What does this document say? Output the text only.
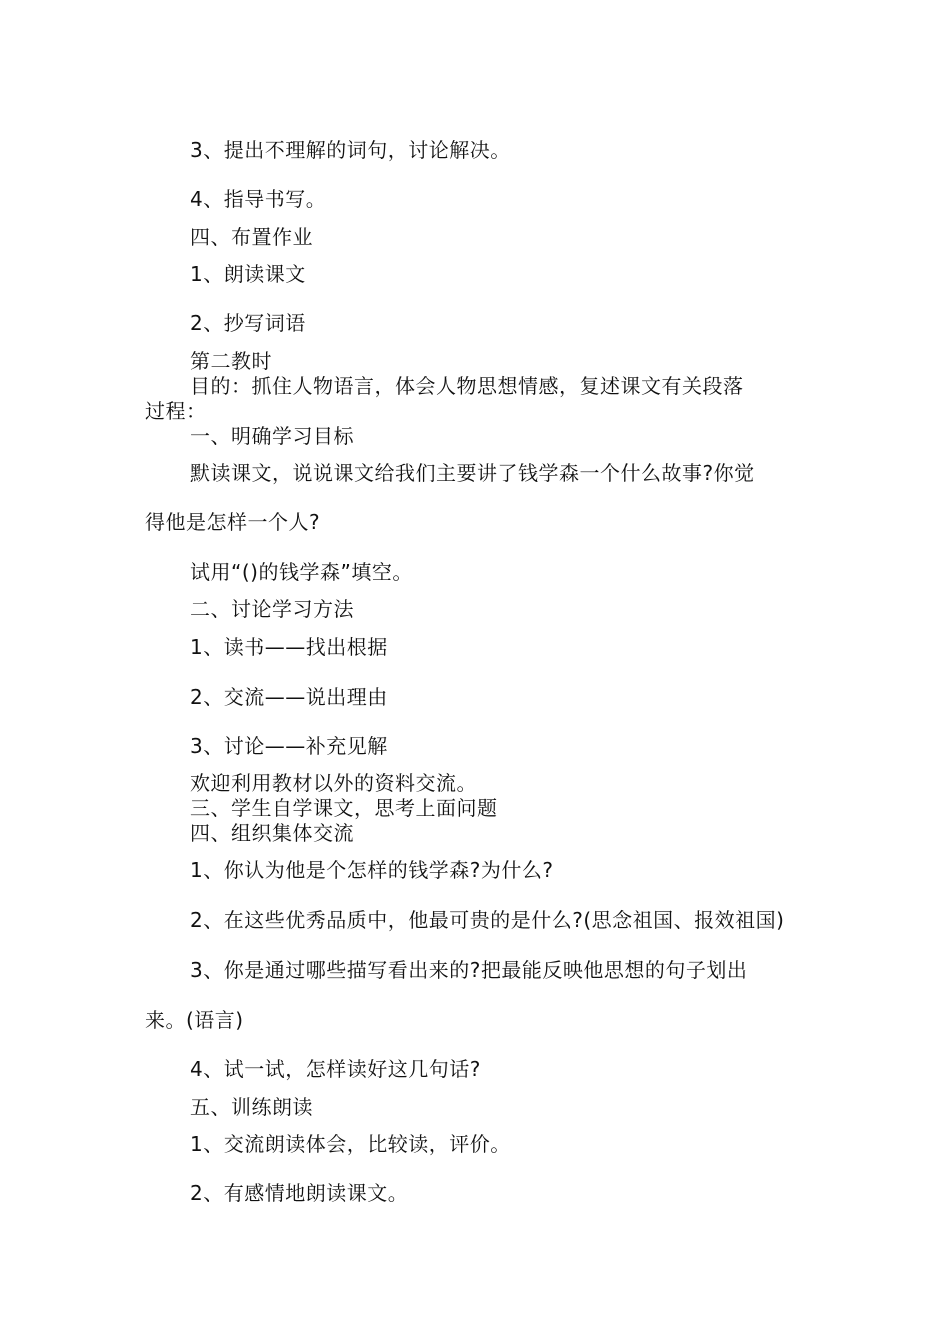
3、提出不理解的词句，讨论解决。
4、指导书写。
四、布置作业
1、朗读课文
2、抄写词语
第二教时
目的：抓住人物语言，体会人物思想情感，复述课文有关段落
过程：
一、明确学习目标
默读课文，说说课文给我们主要讲了钱学森一个什么故事?你觉
得他是怎样一个人?
试用“()的钱学森”填空。
二、讨论学习方法
1、读书——找出根据
2、交流——说出理由
3、讨论——补充见解
欢迎利用教材以外的资料交流。
三、学生自学课文，思考上面问题
四、组织集体交流
1、你认为他是个怎样的钱学森?为什么?
2、在这些优秀品质中，他最可贵的是什么?(思念祖国、报效祖国)
3、你是通过哪些描写看出来的?把最能反映他思想的句子划出
来。(语言)
4、试一试，怎样读好这几句话?
五、训练朗读
1、交流朗读体会，比较读，评价。
2、有感情地朗读课文。
